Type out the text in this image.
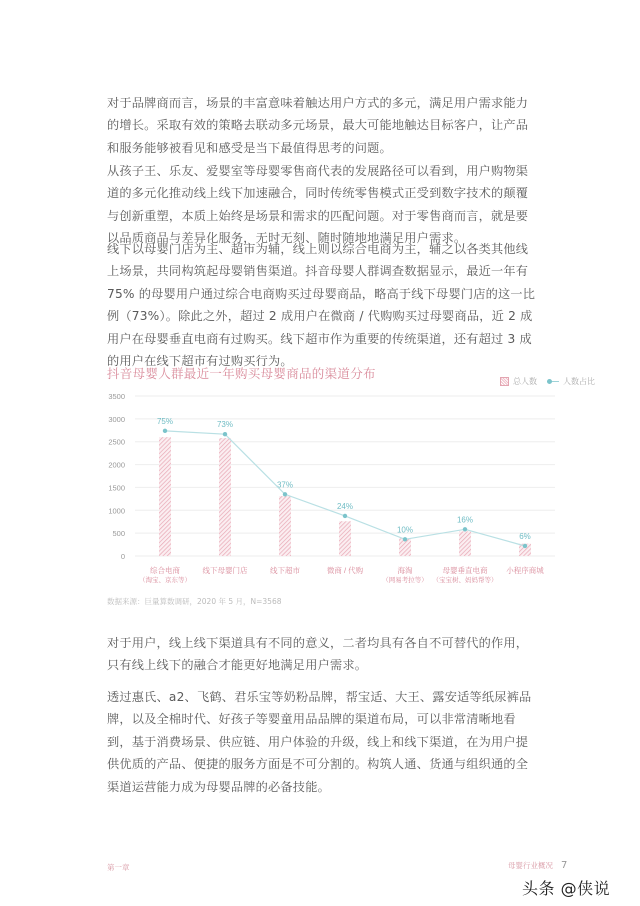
对于品牌商而言，场景的丰富意味着触达用户方式的多元，满足用户需求能力的增长。采取有效的策略去联动多元场景，最大可能地触达目标客户，让产品和服务能够被看见和感受是当下最值得思考的问题。

从孩子王、乐友、爱婴室等母婴零售商代表的发展路径可以看到，用户购物渠道的多元化推动线上线下加速融合，同时传统零售模式正受到数字技术的颠覆与创新重塑，本质上始终是场景和需求的匹配问题。对于零售商而言，就是要以品质商品与差异化服务，无时无刻、随时随地地满足用户需求。

线下以母婴门店为主、超市为辅，线上则以综合电商为主，辅之以各类其他线上场景，共同构筑起母婴销售渠道。抖音母婴人群调查数据显示，最近一年有 75% 的母婴用户通过综合电商购买过母婴商品，略高于线下母婴门店的这一比例（73%）。除此之外，超过 2 成用户在微商 / 代购购买过母婴商品，近 2 成用户在母婴垂直电商有过购买。线下超市作为重要的传统渠道，还有超过 3 成的用户在线下超市有过购买行为。

抖音母婴人群最近一年购买母婴商品的渠道分布
总人数	人数占比
0
500
1000
1500
2000
2500
3000
3500
75%	73%
37%
24%
10%
16%
6%
综合电商
（淘宝、京东等）
线下母婴门店	线下超市	微商 / 代购	海淘
（网易考拉等）
母婴垂直电商
（宝宝树、妈妈帮等）
小程序商城
数据来源：巨量算数调研，2020 年 5 月，N=3568

对于用户，线上线下渠道具有不同的意义，二者均具有各自不可替代的作用，只有线上线下的融合才能更好地满足用户需求。

透过惠氏、a2、飞鹤、君乐宝等奶粉品牌，帮宝适、大王、露安适等纸尿裤品牌，以及全棉时代、好孩子等婴童用品品牌的渠道布局，可以非常清晰地看到，基于消费场景、供应链、用户体验的升级，线上和线下渠道，在为用户提供优质的产品、便捷的服务方面是不可分割的。构筑人通、货通与组织通的全渠道运营能力成为母婴品牌的必备技能。

第一章	母婴行业概况 7
头条 @侠说
